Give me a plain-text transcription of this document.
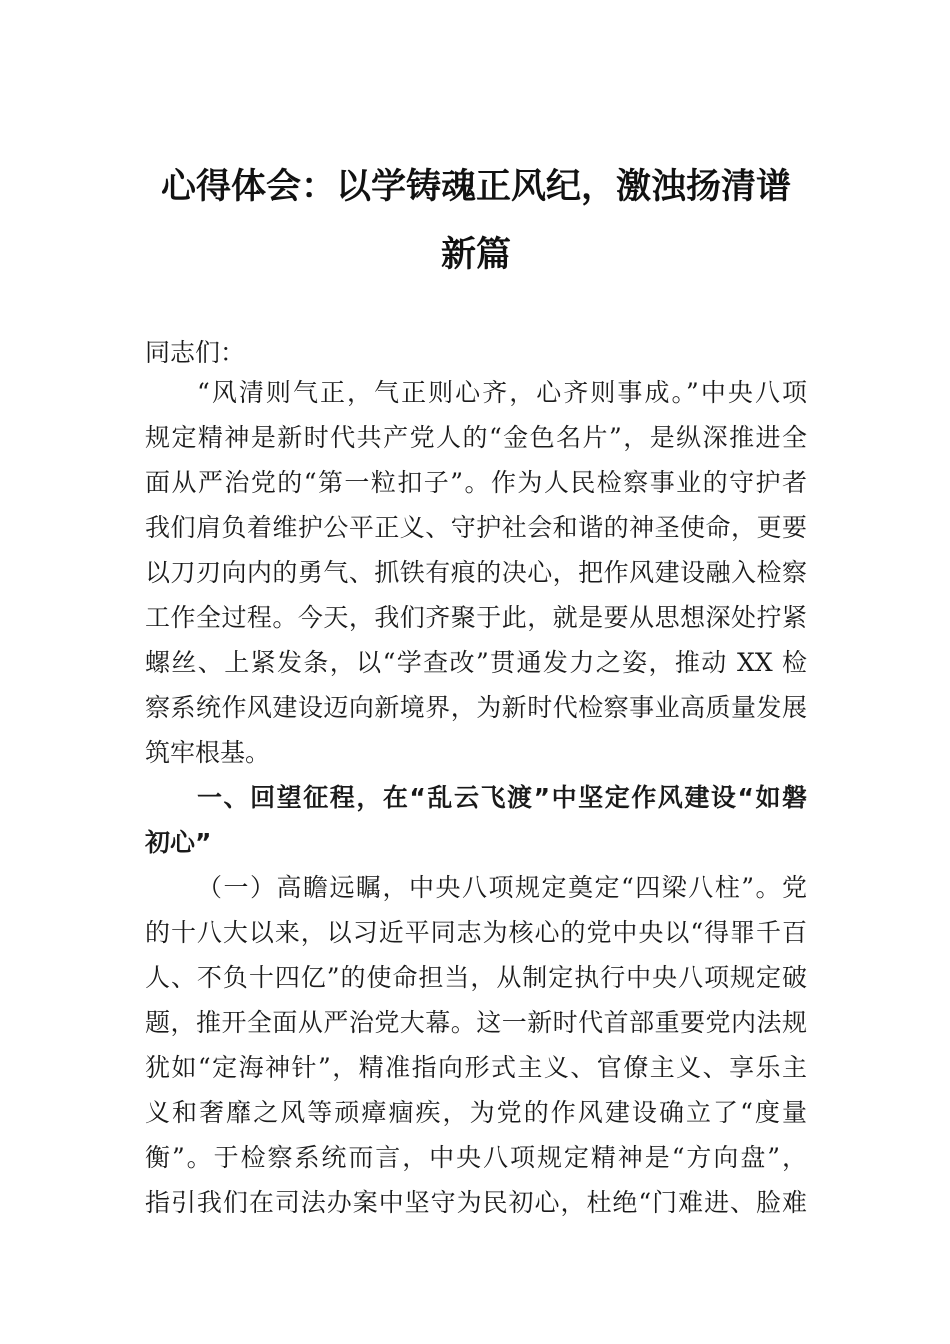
心得体会：以学铸魂正风纪，激浊扬清谱
新篇
同志们：
“风清则气正，气正则心齐，心齐则事成。”中央八项
规定精神是新时代共产党人的“金色名片”，是纵深推进全
面从严治党的“第一粒扣子”。作为人民检察事业的守护者
我们肩负着维护公平正义、守护社会和谐的神圣使命，更要
以刀刃向内的勇气、抓铁有痕的决心，把作风建设融入检察
工作全过程。今天，我们齐聚于此，就是要从思想深处拧紧
螺丝、上紧发条，以“学查改”贯通发力之姿，推动 XX 检
察系统作风建设迈向新境界，为新时代检察事业高质量发展
筑牢根基。
一、回望征程，在“乱云飞渡”中坚定作风建设“如磐
初心”
（一）高瞻远瞩，中央八项规定奠定“四梁八柱”。党
的十八大以来，以习近平同志为核心的党中央以“得罪千百
人、不负十四亿”的使命担当，从制定执行中央八项规定破
题，推开全面从严治党大幕。这一新时代首部重要党内法规
犹如“定海神针”，精准指向形式主义、官僚主义、享乐主
义和奢靡之风等顽瘴痼疾，为党的作风建设确立了“度量
衡”。于检察系统而言，中央八项规定精神是“方向盘”，
指引我们在司法办案中坚守为民初心，杜绝“门难进、脸难
